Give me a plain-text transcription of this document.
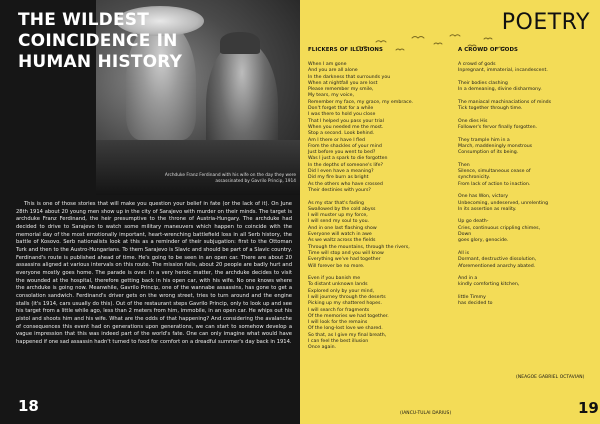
THE WILDEST COINCIDENCE IN HUMAN HISTORY
Archduke Franz Ferdinand with his wife on the day they were assassinated by Gavrilo Princip, 1914
This is one of those stories that will make you question your belief in fate (or the lack of it). On June 28th 1914 about 20 young men show up in the city of Sarajevo with murder on their minds. The target is archduke Franz Ferdinand, the heir presumptive to the throne of Austria-Hungary. The archduke had decided to drive to Sarajevo to watch some military maneuvers which happen to coincide with the memorial day of the most emotionally important, heart-wrenching battlefield loss in all Serb history, the battle of Kosovo. Serb nationalists look at this as a reminder of their subjugation: first to the Ottoman Turk and then to the Austro-Hungarians. To them Sarajevo is Slavic and should be part of a Slavic country. Ferdinand's route is published ahead of time. He's going to be seen in an open car. There are about 20 assassins aligned at various intervals on this route. The mission fails, about 20 people are badly hurt and everyone mostly goes home. The parade is over. In a very heroic matter, the archduke decides to visit the wounded at the hospital, therefore getting back in his open car, with his wife. No one knows where the archduke is going now. Meanwhile, Gavrilo Princip, one of the wannabe assassins, has gone to get a consolation sandwich. Ferdinand's driver gets on the wrong street, tries to turn around and the engine stalls (it's 1914, cars usually do this). Out of the restaurant steps Gavrilo Princip, only to look up and see his target from a little while ago, less than 2 meters from him, immobile, in an open car. He whips out his pistol and shoots him and his wife. What are the odds of that happening? And considering the avalanche of consequences this event had on generations upon generations, we can start to somehow develop a vague impression that this was indeed part of the world's fate. One can only imagine what would have happened if one sad assassin hadn't turned to food for comfort on a dreadful summer's day back in 1914.
18
POETRY
FLICKERS OF ILLUSIONS
When I am gone
And you are all alone
In the darkness that surrounds you
When at nightfall you are lost
Please remember my smile,
My tears, my voice,
Remember my face, my grace, my embrace.
Don't forget that for a while
I was there to hold you close
That I helped you pass your trial
When you needed me the most.
Stop a second. Look behind.
Am I there or have I fled
From the shackles of your mind
Just before you went to bed?
Was I just a spark to die forgotten
In the depths of someone's life?
Did I even have a meaning?
Did my fire burn as bright
As the others who have crossed
Their destinies with yours?
As my star that's fading
Swallowed by the cold abyss
I will muster up my force,
I will send my soul to you.
And in one last flashing show
Everyone will watch in awe
As we waltz across the fields
Through the mountains, through the rivers,
Time will stop and you will know
Everything we've had together
Will forever be no more.
Even if you banish me
To distant unknown lands
Explored only by your mind,
I will journey through the deserts
Picking up my shattered hopes.
I will search for fragments
Of the memories we had together.
I will look for the remains
Of the long-lost love we shared.
So that, as I give my final breath,
I can feel the best illusion
Once again.
(IANCU-TULAI DARIUS)
A CROWD OF GODS
A crowd of gods
Inpregnant, immaterial, incandescent.
Their bodies clashing
In a demeaning, divine disharmony.
The maniacal machinaciations of minds
Tick together through time.
One dies His
Follower's fervor finally forgotten.
They trample him in a
March, maddeningly monstrous
Consumption of its being.
Then
Silence, simultaneous cease of
synchronicity.
From lack of action to inaction.
One has Won, victory
Unbecoming, undeserved, unrelenting
In its assertion as reality.
Up go death-
Cries, continuous crippling chimes,
Down
goes glory, genocide.
All is
Dormant, destructive dissolution,
Aforementioned anarchy abated.
And in a
kindly comforting kitchen,
little Timmy
has decided to
(NEAGOE GABRIEL OCTAVIAN)
19
